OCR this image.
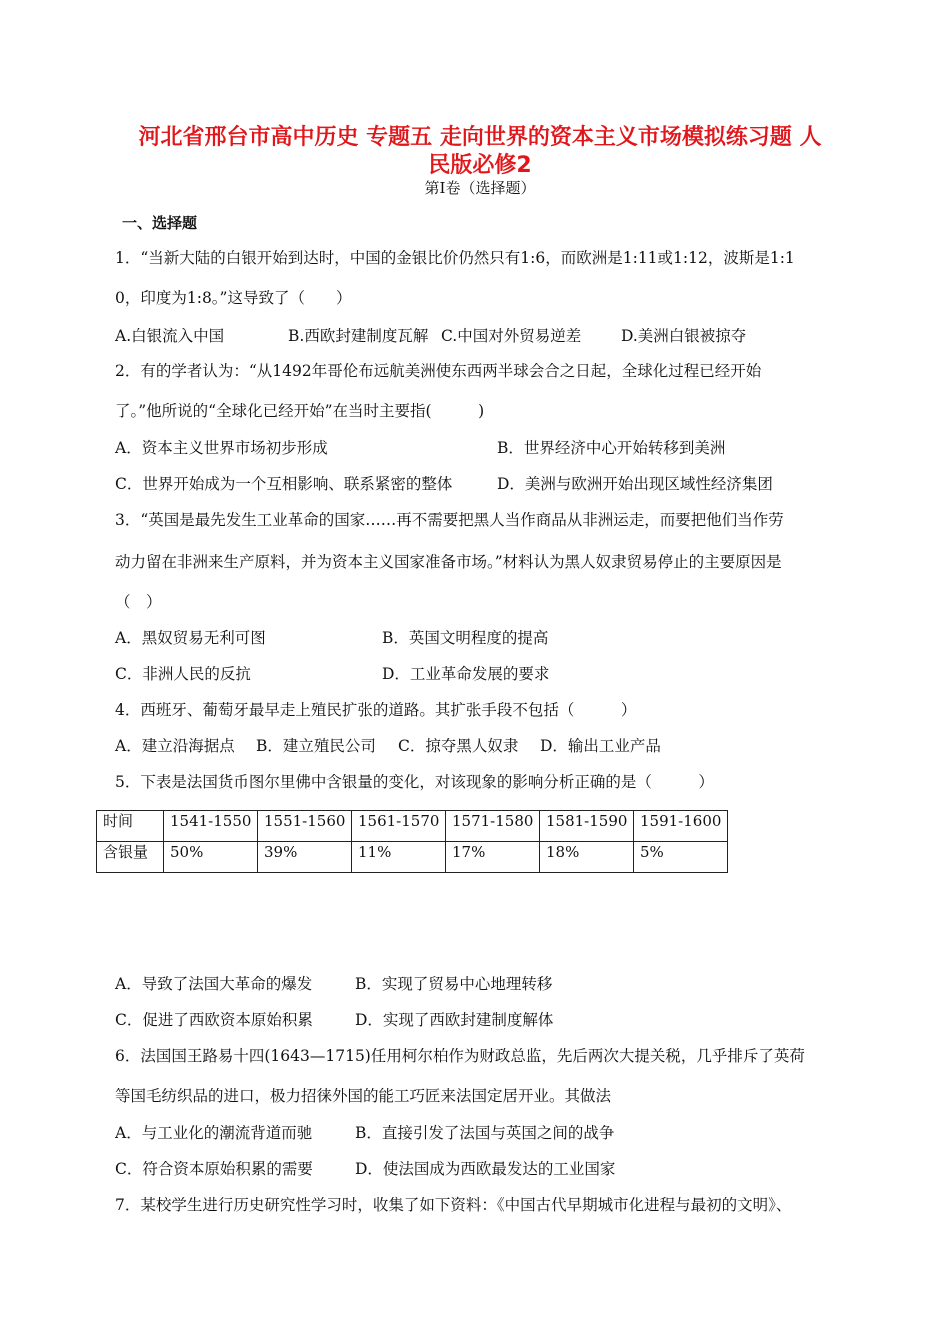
河北省邢台市高中历史 专题五 走向世界的资本主义市场模拟练习题 人

民版必修2

第I卷（选择题）

一、选择题

1．“当新大陆的白银开始到达时，中国的金银比价仍然只有1:6，而欧洲是1:11或1:12，波斯是1:1

0，印度为1:8。”这导致了（　　）

A.白银流入中国	B.西欧封建制度瓦解 C.中国对外贸易逆差	D.美洲白银被掠夺

2．有的学者认为：“从1492年哥伦布远航美洲使东西两半球会合之日起，全球化过程已经开始

了。”他所说的“全球化已经开始”在当时主要指(　　　)

A．资本主义世界市场初步形成	B．世界经济中心开始转移到美洲

C．世界开始成为一个互相影响、联系紧密的整体	D．美洲与欧洲开始出现区域性经济集团

3．“英国是最先发生工业革命的国家……再不需要把黑人当作商品从非洲运走，而要把他们当作劳

动力留在非洲来生产原料，并为资本主义国家准备市场。”材料认为黑人奴隶贸易停止的主要原因是

（　）

A．黑奴贸易无利可图	B．英国文明程度的提高

C．非洲人民的反抗	D．工业革命发展的要求

4．西班牙、葡萄牙最早走上殖民扩张的道路。其扩张手段不包括（　　　）

A．建立沿海据点 B．建立殖民公司 C．掠夺黑人奴隶 D．输出工业产品

5．下表是法国货币图尔里佛中含银量的变化，对该现象的影响分析正确的是（　　　）

时间	1541-1550	1551-1560	1561-1570	1571-1580	1581-1590	1591-1600
含银量	50%	39%	11%	17%	18%	5%

A．导致了法国大革命的爆发	B．实现了贸易中心地理转移

C．促进了西欧资本原始积累	D．实现了西欧封建制度解体

6．法国国王路易十四(1643—1715)任用柯尔柏作为财政总监，先后两次大提关税，几乎排斥了英荷

等国毛纺织品的进口，极力招徕外国的能工巧匠来法国定居开业。其做法

A．与工业化的潮流背道而驰	B．直接引发了法国与英国之间的战争

C．符合资本原始积累的需要	D．使法国成为西欧最发达的工业国家

7．某校学生进行历史研究性学习时，收集了如下资料：《中国古代早期城市化进程与最初的文明》、
